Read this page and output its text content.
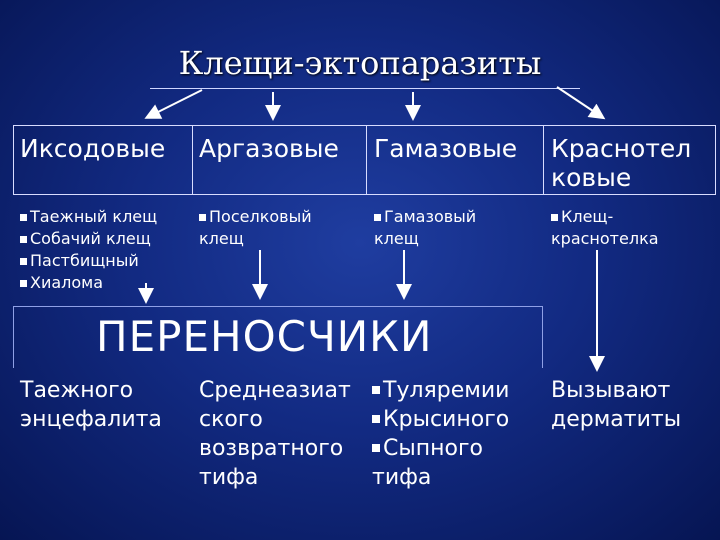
Клещи-эктопаразиты
Иксодовые Аргазовые Гамазовые Краснотел
ковые
Таежный клещ
Собачий клещ
Пастбищный
Хиалома
Поселковый клещ
Гамазовый клещ
Клещ-краснотелка
ПЕРЕНОСЧИКИ
Таежного
энцефалита
Среднеазиат
ского
возвратного
тифа
Туляремии
Крысиного
Сыпного
тифа
Вызывают
дерматиты
